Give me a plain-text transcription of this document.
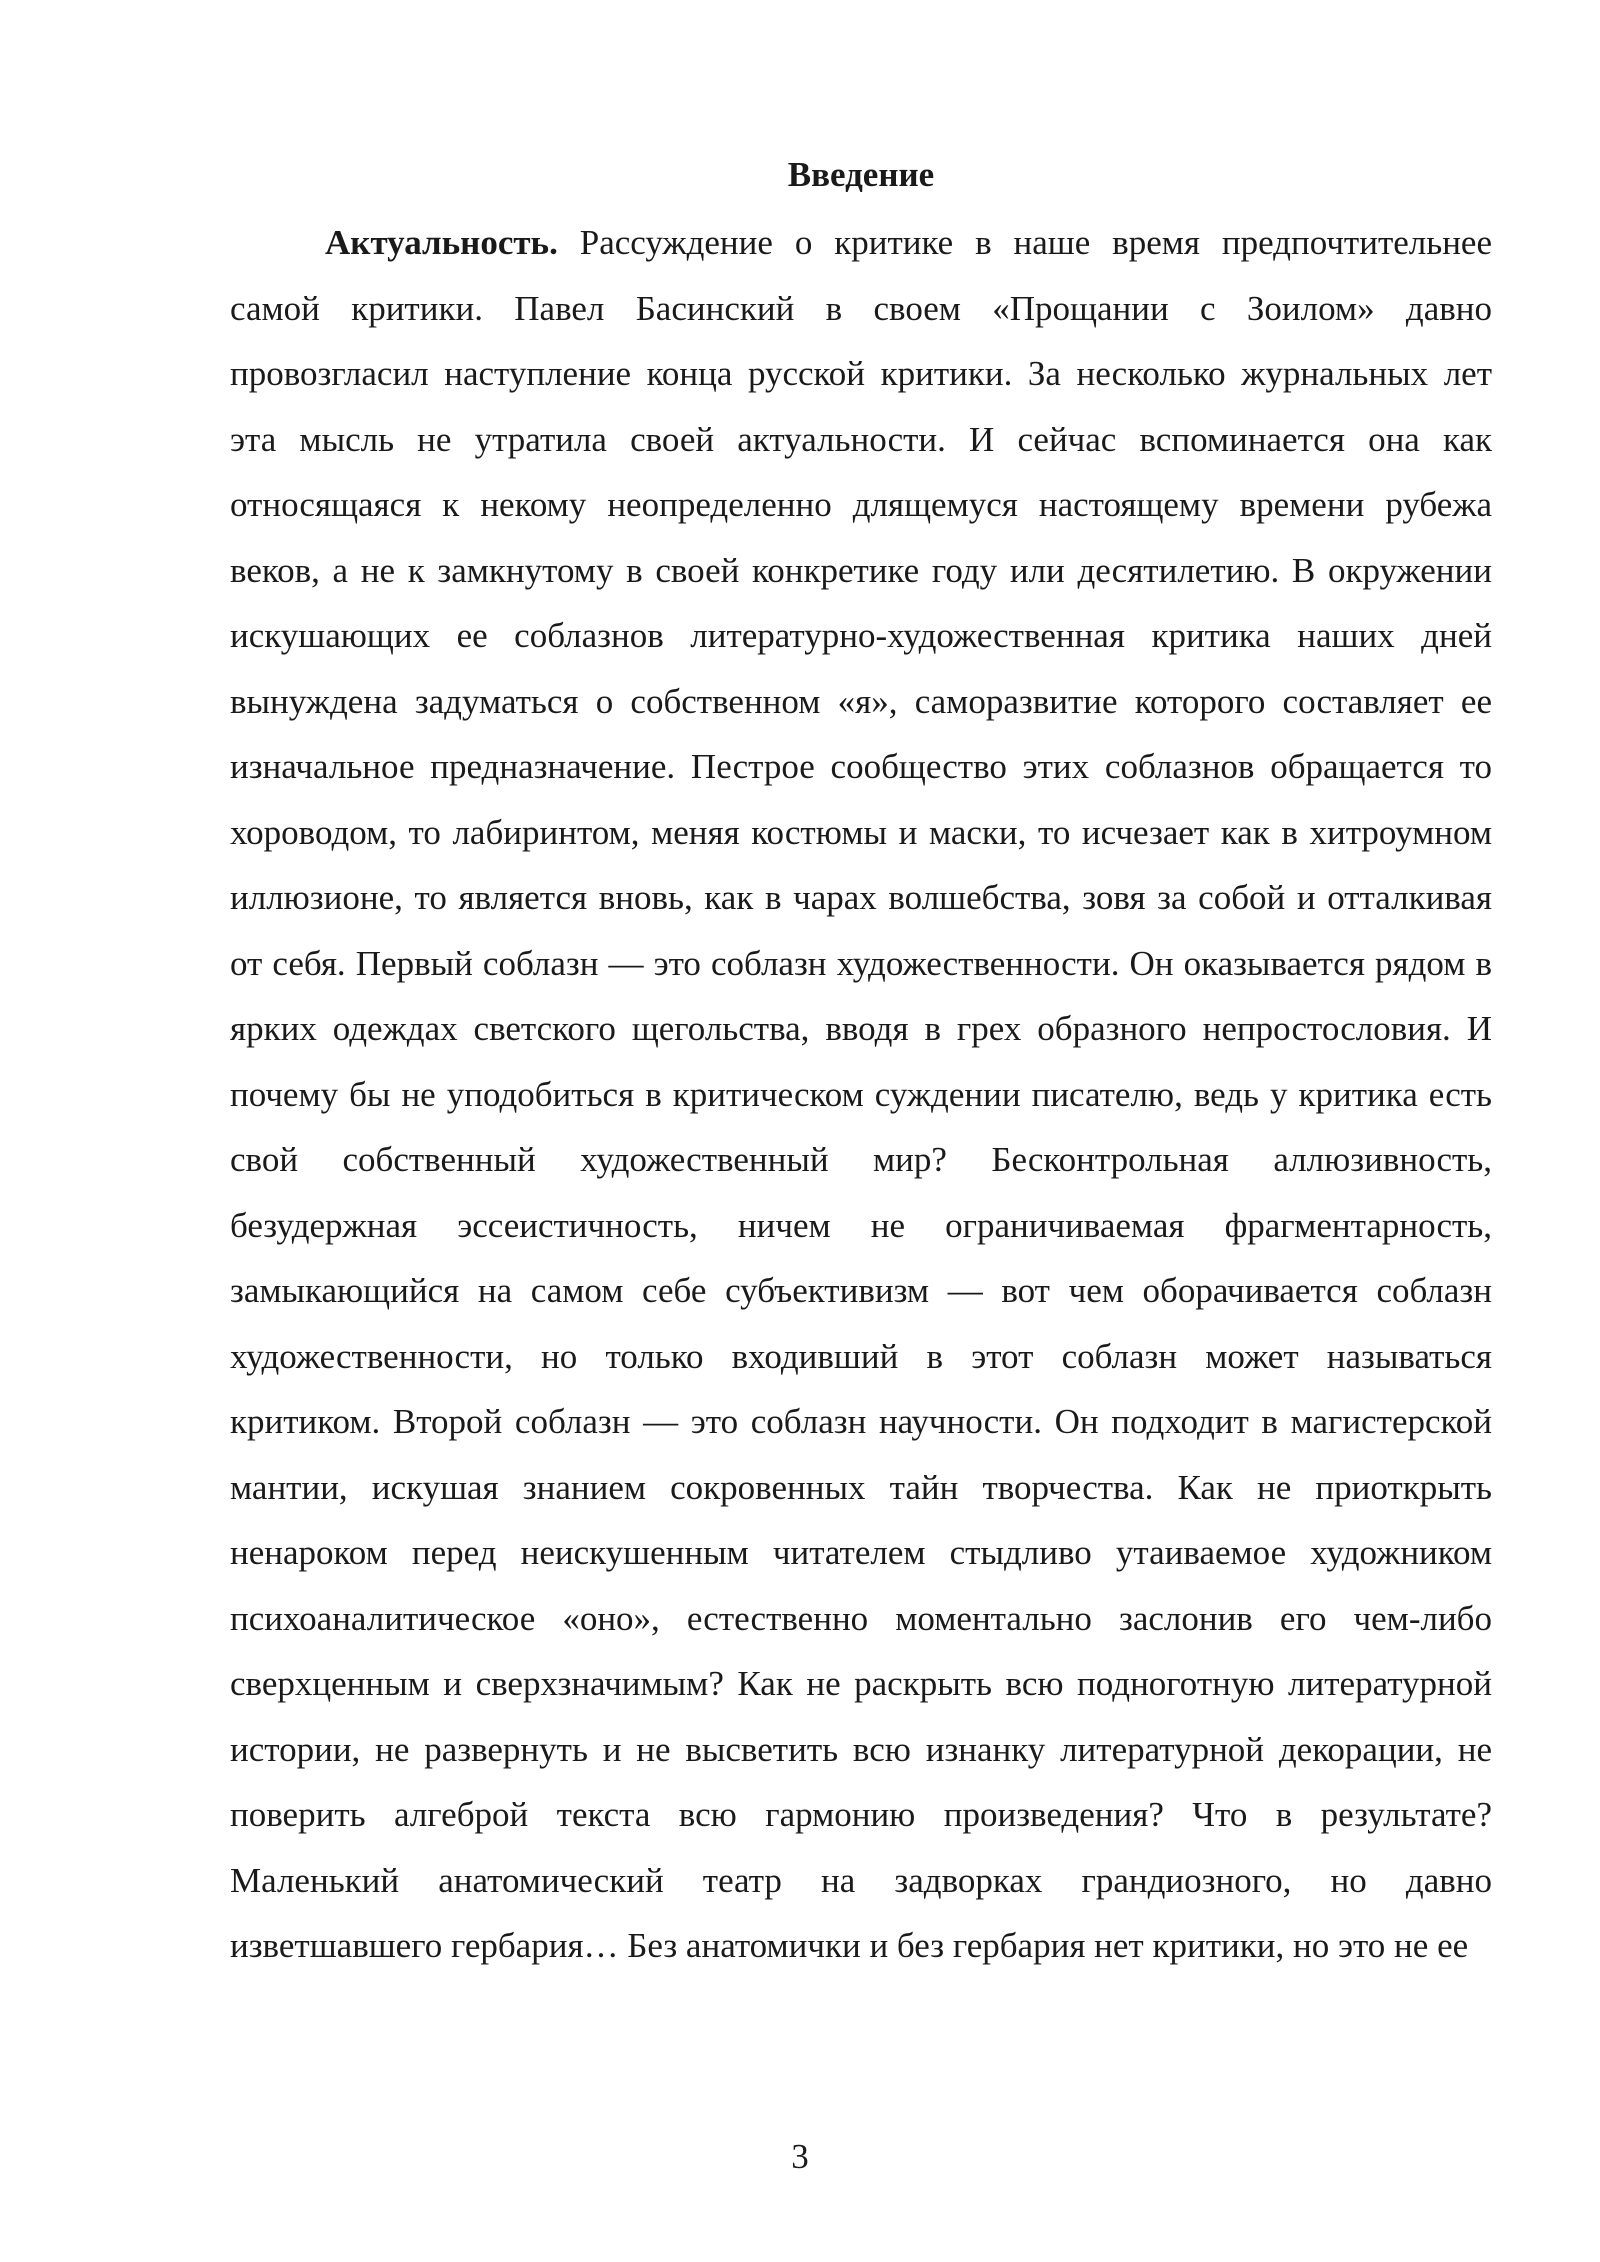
Введение

Актуальность. Рассуждение о критике в наше время предпочтительнее самой критики. Павел Басинский в своем «Прощании с Зоилом» давно провозгласил наступление конца русской критики. За несколько журнальных лет эта мысль не утратила своей актуальности. И сейчас вспоминается она как относящаяся к некому неопределенно длящемуся настоящему времени рубежа веков, а не к замкнутому в своей конкретике году или десятилетию. В окружении искушающих ее соблазнов литературно-художественная критика наших дней вынуждена задуматься о собственном «я», саморазвитие которого составляет ее изначальное предназначение. Пестрое сообщество этих соблазнов обращается то хороводом, то лабиринтом, меняя костюмы и маски, то исчезает как в хитроумном иллюзионе, то является вновь, как в чарах волшебства, зовя за собой и отталкивая от себя. Первый соблазн — это соблазн художественности. Он оказывается рядом в ярких одеждах светского щегольства, вводя в грех образного непростословия. И почему бы не уподобиться в критическом суждении писателю, ведь у критика есть свой собственный художественный мир? Бесконтрольная аллюзивность, безудержная эссеистичность, ничем не ограничиваемая фрагментарность, замыкающийся на самом себе субъективизм — вот чем оборачивается соблазн художественности, но только входивший в этот соблазн может называться критиком. Второй соблазн — это соблазн научности. Он подходит в магистерской мантии, искушая знанием сокровенных тайн творчества. Как не приоткрыть ненароком перед неискушенным читателем стыдливо утаиваемое художником психоаналитическое «оно», естественно моментально заслонив его чем-либо сверхценным и сверхзначимым? Как не раскрыть всю подноготную литературной истории, не развернуть и не высветить всю изнанку литературной декорации, не поверить алгеброй текста всю гармонию произведения? Что в результате? Маленький анатомический театр на задворках грандиозного, но давно изветшавшего гербария… Без анатомички и без гербария нет критики, но это не ее

3
